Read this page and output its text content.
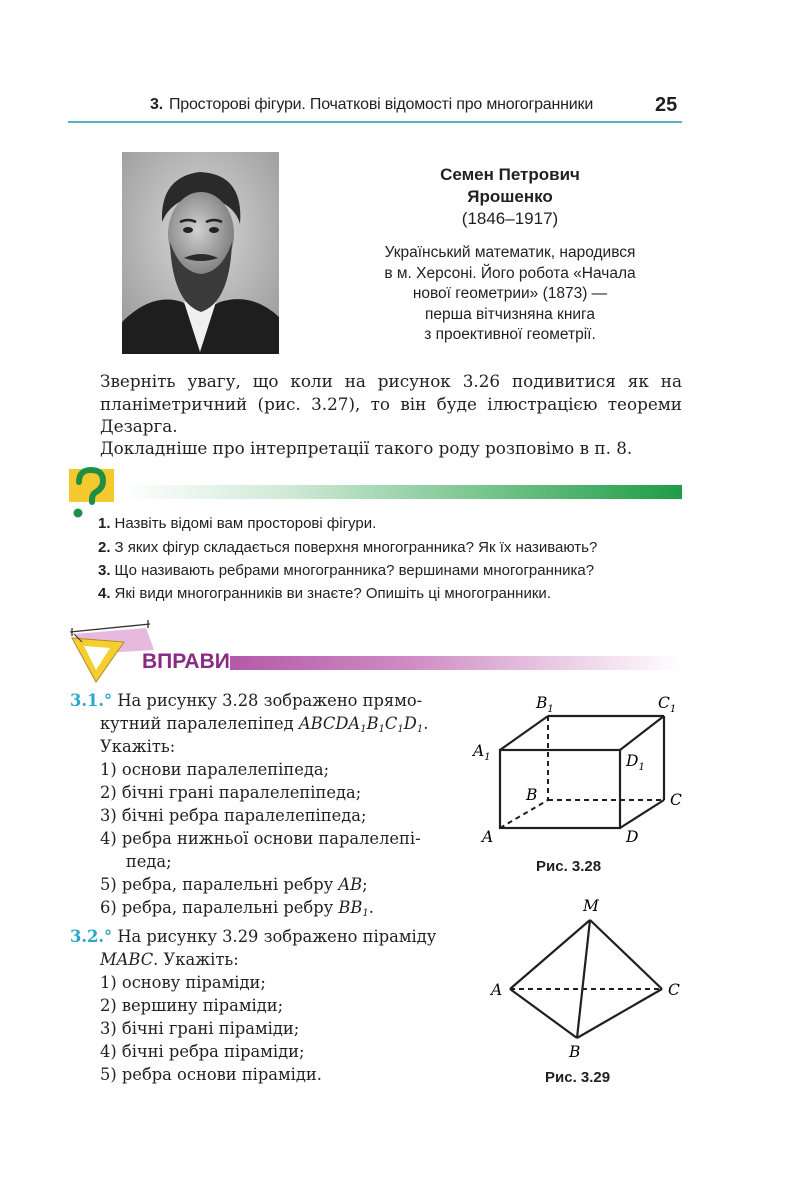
3. Просторові фігури. Початкові відомості про многогранники	25
Семен Петрович
Ярошенко
(1846–1917)
Український математик, народився
в м. Херсоні. Його робота «Начала
нової геометрии» (1873) —
перша вітчизняна книга
з проективної геометрії.
Зверніть увагу, що коли на рисунок 3.26 подивитися як на планіметричний (рис. 3.27), то він буде ілюстрацією теореми Дезарга.
Докладніше про інтерпретації такого роду розповімо в п. 8.
1. Назвіть відомі вам просторові фігури.
2. З яких фігур складається поверхня многогранника? Як їх називають?
3. Що називають ребрами многогранника? вершинами многогранника?
4. Які види многогранників ви знаєте? Опишіть ці многогранники.
ВПРАВИ
3.1.° На рисунку 3.28 зображено прямо-
кутний паралелепіпед $ABCDA_1B_1C_1D_1$.
Укажіть:
1) основи паралелепіпеда;
2) бічні грані паралелепіпеда;
3) бічні ребра паралелепіпеда;
4) ребра нижньої основи паралелепі-
педа;
5) ребра, паралельні ребру AB;
6) ребра, паралельні ребру $BB_1$.
3.2.° На рисунку 3.29 зображено піраміду
MABC. Укажіть:
1) основу піраміди;
2) вершину піраміди;
3) бічні грані піраміди;
4) бічні ребра піраміди;
5) ребра основи піраміди.
$B_1$	$C_1$
$A_1$	$D_1$
B	C
A	D
Рис. 3.28
M
A	C
B
Рис. 3.29
